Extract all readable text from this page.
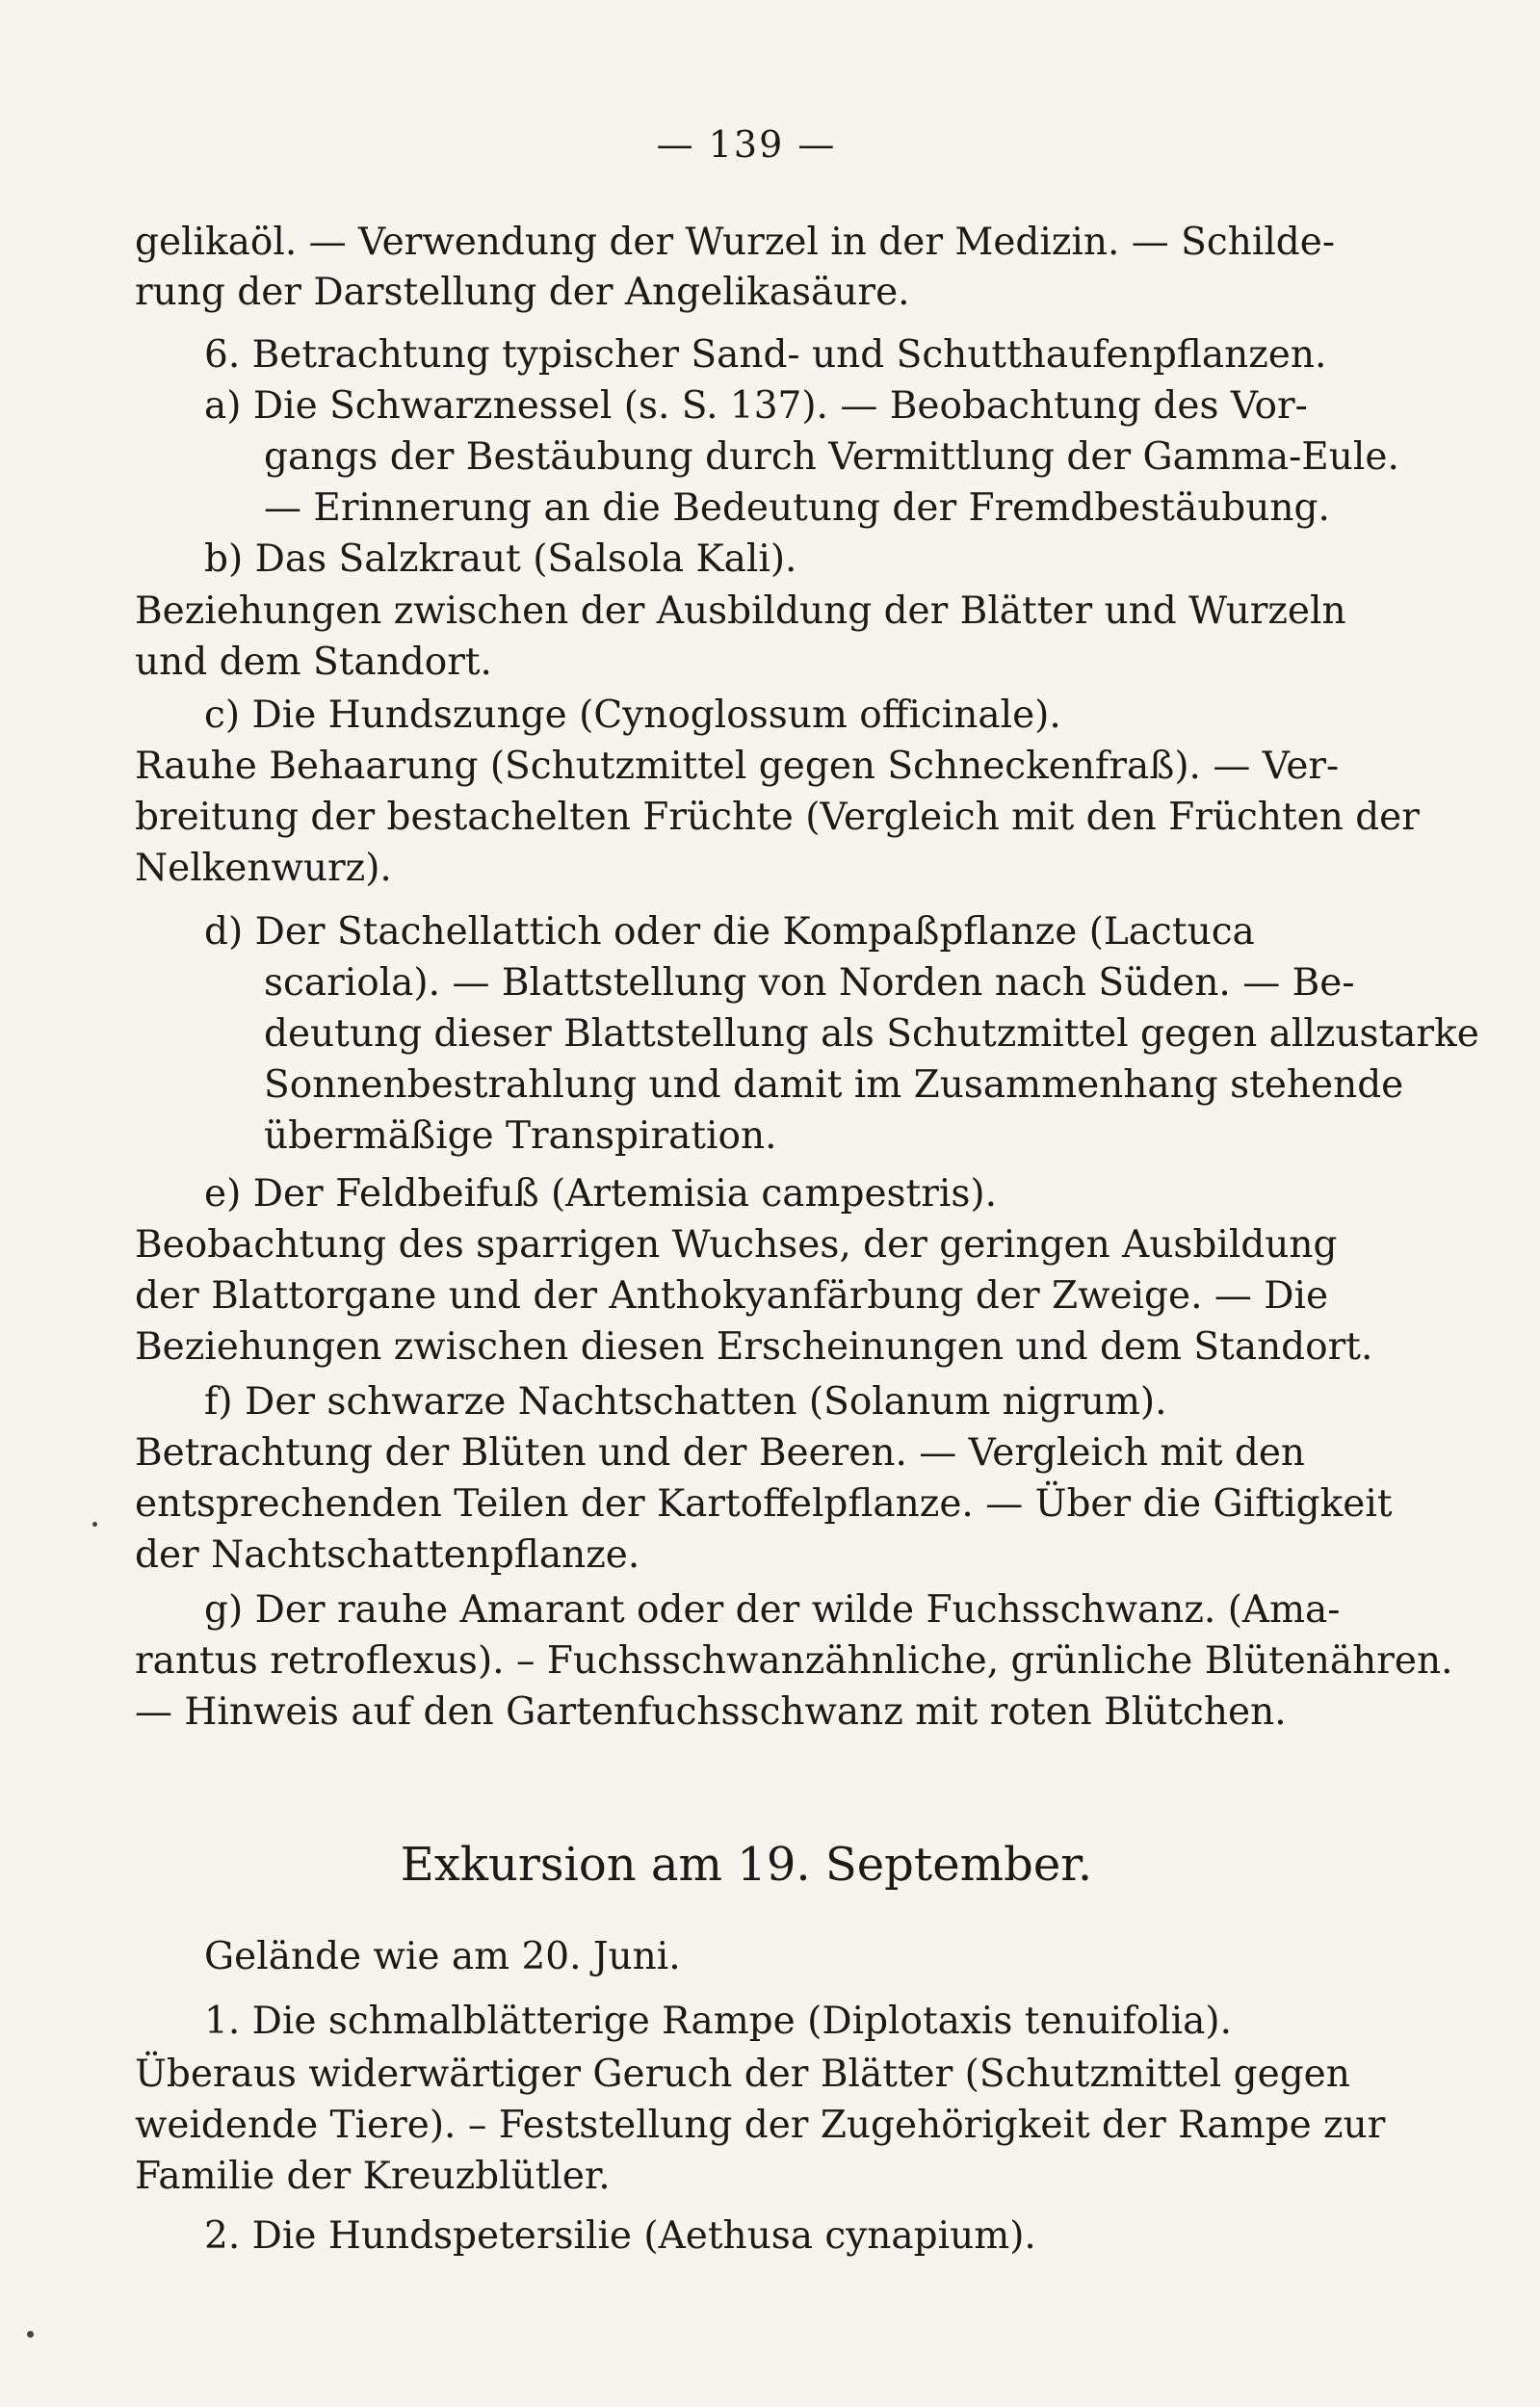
— 139 —
gelikaöl. — Verwendung der Wurzel in der Medizin. — Schilde-
rung der Darstellung der Angelikasäure.
6. Betrachtung typischer Sand- und Schutthaufenpflanzen.
a) Die Schwarznessel (s. S. 137). — Beobachtung des Vor-
gangs der Bestäubung durch Vermittlung der Gamma-Eule.
— Erinnerung an die Bedeutung der Fremdbestäubung.
b) Das Salzkraut (Salsola Kali).
Beziehungen zwischen der Ausbildung der Blätter und Wurzeln
und dem Standort.
c) Die Hundszunge (Cynoglossum officinale).
Rauhe Behaarung (Schutzmittel gegen Schneckenfraß). — Ver-
breitung der bestachelten Früchte (Vergleich mit den Früchten der
Nelkenwurz).
d) Der Stachellattich oder die Kompaßpflanze (Lactuca
scariola). — Blattstellung von Norden nach Süden. — Be-
deutung dieser Blattstellung als Schutzmittel gegen allzustarke
Sonnenbestrahlung und damit im Zusammenhang stehende
übermäßige Transpiration.
e) Der Feldbeifuß (Artemisia campestris).
Beobachtung des sparrigen Wuchses, der geringen Ausbildung
der Blattorgane und der Anthokyanfärbung der Zweige. — Die
Beziehungen zwischen diesen Erscheinungen und dem Standort.
f) Der schwarze Nachtschatten (Solanum nigrum).
Betrachtung der Blüten und der Beeren. — Vergleich mit den
entsprechenden Teilen der Kartoffelpflanze. — Über die Giftigkeit
der Nachtschattenpflanze.
g) Der rauhe Amarant oder der wilde Fuchsschwanz. (Ama-
rantus retroflexus). – Fuchsschwanzähnliche, grünliche Blütenähren.
— Hinweis auf den Gartenfuchsschwanz mit roten Blütchen.
Exkursion am 19. September.
Gelände wie am 20. Juni.
1. Die schmalblätterige Rampe (Diplotaxis tenuifolia).
Überaus widerwärtiger Geruch der Blätter (Schutzmittel gegen
weidende Tiere). – Feststellung der Zugehörigkeit der Rampe zur
Familie der Kreuzblütler.
2. Die Hundspetersilie (Aethusa cynapium).
